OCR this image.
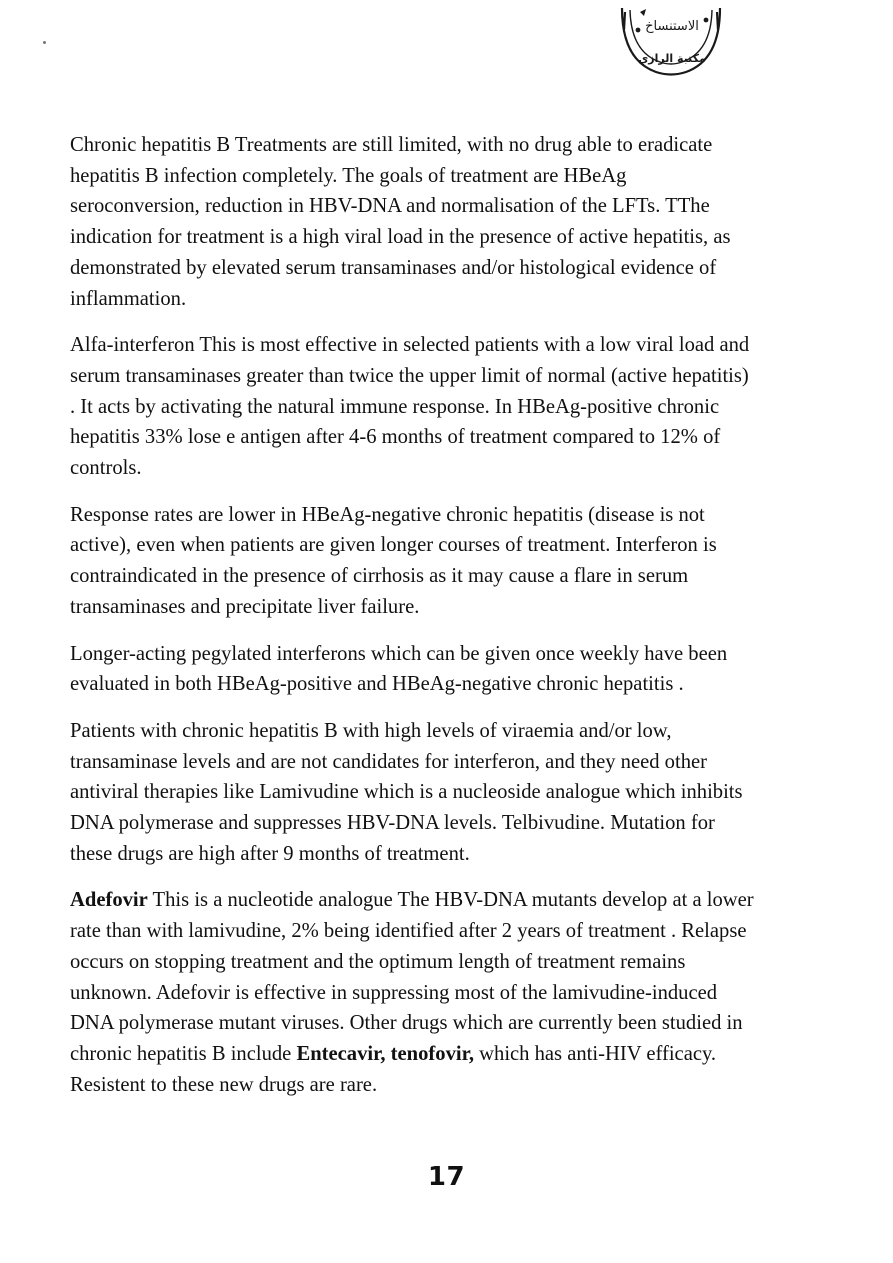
الاستنساخ
مكتبة الرازي

Chronic hepatitis B Treatments are still limited, with no drug able to eradicate
hepatitis B infection completely. The goals of treatment are HBeAg
seroconversion, reduction in HBV-DNA and normalisation of the LFTs. TThe
indication for treatment is a high viral load in the presence of active hepatitis, as
demonstrated by elevated serum transaminases and/or histological evidence of
inflammation.

Alfa-interferon This is most effective in selected patients with a low viral load and
serum transaminases greater than twice the upper limit of normal (active hepatitis)
. It acts by activating the natural immune response. In HBeAg-positive chronic
hepatitis 33% lose e antigen after 4-6 months of treatment compared to 12% of
controls.

Response rates are lower in HBeAg-negative chronic hepatitis (disease is not
active), even when patients are given longer courses of treatment. Interferon is
contraindicated in the presence of cirrhosis as it may cause a flare in serum
transaminases and precipitate liver failure.

Longer-acting pegylated interferons which can be given once weekly have been
evaluated in both HBeAg-positive and HBeAg-negative chronic hepatitis .

Patients with chronic hepatitis B with high levels of viraemia and/or low,
transaminase levels and are not candidates for interferon, and they need other
antiviral therapies like Lamivudine which is a nucleoside analogue which inhibits
DNA polymerase and suppresses HBV-DNA levels. Telbivudine. Mutation for
these drugs are high after 9 months of treatment.

Adefovir This is a nucleotide analogue The HBV-DNA mutants develop at a lower
rate than with lamivudine, 2% being identified after 2 years of treatment . Relapse
occurs on stopping treatment and the optimum length of treatment remains
unknown. Adefovir is effective in suppressing most of the lamivudine-induced
DNA polymerase mutant viruses. Other drugs which are currently been studied in
chronic hepatitis B include Entecavir, tenofovir, which has anti-HIV efficacy.
Resistent to these new drugs are rare.

17
